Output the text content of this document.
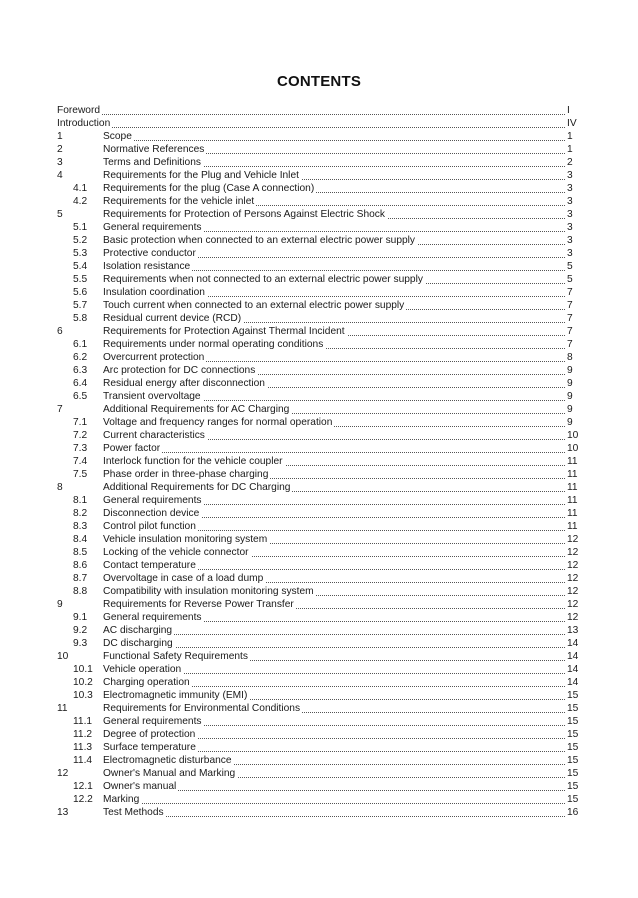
CONTENTS
Foreword	I
Introduction	IV
1	Scope	1
2	Normative References	1
3	Terms and Definitions	2
4	Requirements for the Plug and Vehicle Inlet	3
4.1 Requirements for the plug (Case A connection)	3
4.2 Requirements for the vehicle inlet	3
5	Requirements for Protection of Persons Against Electric Shock	3
5.1 General requirements	3
5.2 Basic protection when connected to an external electric power supply	3
5.3 Protective conductor	3
5.4 Isolation resistance	5
5.5 Requirements when not connected to an external electric power supply	5
5.6 Insulation coordination	7
5.7 Touch current when connected to an external electric power supply	7
5.8 Residual current device (RCD)	7
6	Requirements for Protection Against Thermal Incident	7
6.1 Requirements under normal operating conditions	7
6.2 Overcurrent protection	8
6.3 Arc protection for DC connections	9
6.4 Residual energy after disconnection	9
6.5 Transient overvoltage	9
7	Additional Requirements for AC Charging	9
7.1 Voltage and frequency ranges for normal operation	9
7.2 Current characteristics	10
7.3 Power factor	10
7.4 Interlock function for the vehicle coupler	11
7.5 Phase order in three-phase charging	11
8	Additional Requirements for DC Charging	11
8.1 General requirements	11
8.2 Disconnection device	11
8.3 Control pilot function	11
8.4 Vehicle insulation monitoring system	12
8.5 Locking of the vehicle connector	12
8.6 Contact temperature	12
8.7 Overvoltage in case of a load dump	12
8.8 Compatibility with insulation monitoring system	12
9	Requirements for Reverse Power Transfer	12
9.1 General requirements	12
9.2 AC discharging	13
9.3 DC discharging	14
10	Functional Safety Requirements	14
10.1 Vehicle operation	14
10.2 Charging operation	14
10.3 Electromagnetic immunity (EMI)	15
11	Requirements for Environmental Conditions	15
11.1 General requirements	15
11.2 Degree of protection	15
11.3 Surface temperature	15
11.4 Electromagnetic disturbance	15
12	Owner's Manual and Marking	15
12.1 Owner's manual	15
12.2 Marking	15
13	Test Methods	16
